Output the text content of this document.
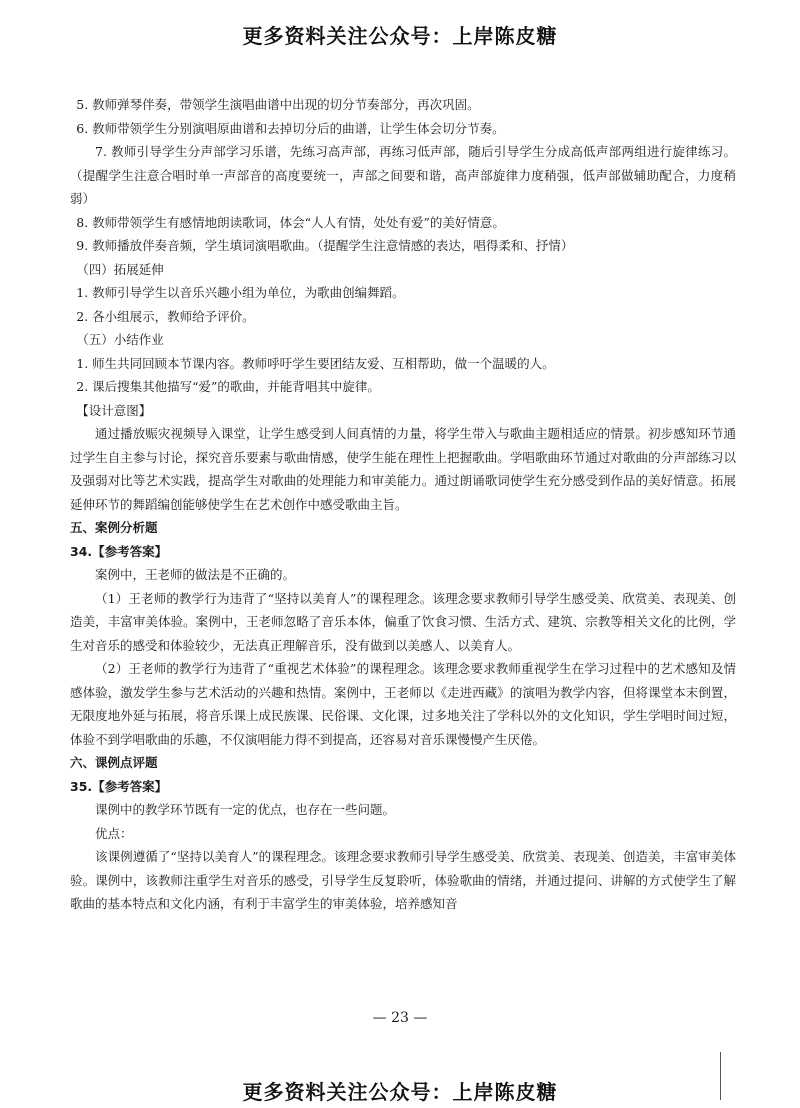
更多资料关注公众号：上岸陈皮糖

5. 教师弹琴伴奏，带领学生演唱曲谱中出现的切分节奏部分，再次巩固。

6. 教师带领学生分别演唱原曲谱和去掉切分后的曲谱，让学生体会切分节奏。

7. 教师引导学生分声部学习乐谱，先练习高声部，再练习低声部，随后引导学生分成高低声部两组进行旋律练习。（提醒学生注意合唱时单一声部音的高度要统一，声部之间要和谐，高声部旋律力度稍强，低声部做辅助配合，力度稍弱）

8. 教师带领学生有感情地朗读歌词，体会“人人有情，处处有爱”的美好情意。

9. 教师播放伴奏音频，学生填词演唱歌曲。（提醒学生注意情感的表达，唱得柔和、抒情）

（四）拓展延伸

1. 教师引导学生以音乐兴趣小组为单位，为歌曲创编舞蹈。

2. 各小组展示，教师给予评价。

（五）小结作业

1. 师生共同回顾本节课内容。教师呼吁学生要团结友爱、互相帮助，做一个温暖的人。

2. 课后搜集其他描写“爱”的歌曲，并能背唱其中旋律。

【设计意图】

通过播放赈灾视频导入课堂，让学生感受到人间真情的力量，将学生带入与歌曲主题相适应的情景。初步感知环节通过学生自主参与讨论，探究音乐要素与歌曲情感，使学生能在理性上把握歌曲。学唱歌曲环节通过对歌曲的分声部练习以及强弱对比等艺术实践，提高学生对歌曲的处理能力和审美能力。通过朗诵歌词使学生充分感受到作品的美好情意。拓展延伸环节的舞蹈编创能够使学生在艺术创作中感受歌曲主旨。

五、案例分析题

34.【参考答案】

案例中，王老师的做法是不正确的。

（1）王老师的教学行为违背了“坚持以美育人”的课程理念。该理念要求教师引导学生感受美、欣赏美、表现美、创造美，丰富审美体验。案例中，王老师忽略了音乐本体，偏重了饮食习惯、生活方式、建筑、宗教等相关文化的比例，学生对音乐的感受和体验较少，无法真正理解音乐，没有做到以美感人、以美育人。

（2）王老师的教学行为违背了“重视艺术体验”的课程理念。该理念要求教师重视学生在学习过程中的艺术感知及情感体验，激发学生参与艺术活动的兴趣和热情。案例中，王老师以《走进西藏》的演唱为教学内容，但将课堂本末倒置，无限度地外延与拓展，将音乐课上成民族课、民俗课、文化课，过多地关注了学科以外的文化知识，学生学唱时间过短，体验不到学唱歌曲的乐趣，不仅演唱能力得不到提高，还容易对音乐课慢慢产生厌倦。

六、课例点评题

35.【参考答案】

课例中的教学环节既有一定的优点，也存在一些问题。

优点：

该课例遵循了“坚持以美育人”的课程理念。该理念要求教师引导学生感受美、欣赏美、表现美、创造美，丰富审美体验。课例中，该教师注重学生对音乐的感受，引导学生反复聆听，体验歌曲的情绪，并通过提问、讲解的方式使学生了解歌曲的基本特点和文化内涵，有利于丰富学生的审美体验，培养感知音

— 23 —
更多资料关注公众号：上岸陈皮糖
